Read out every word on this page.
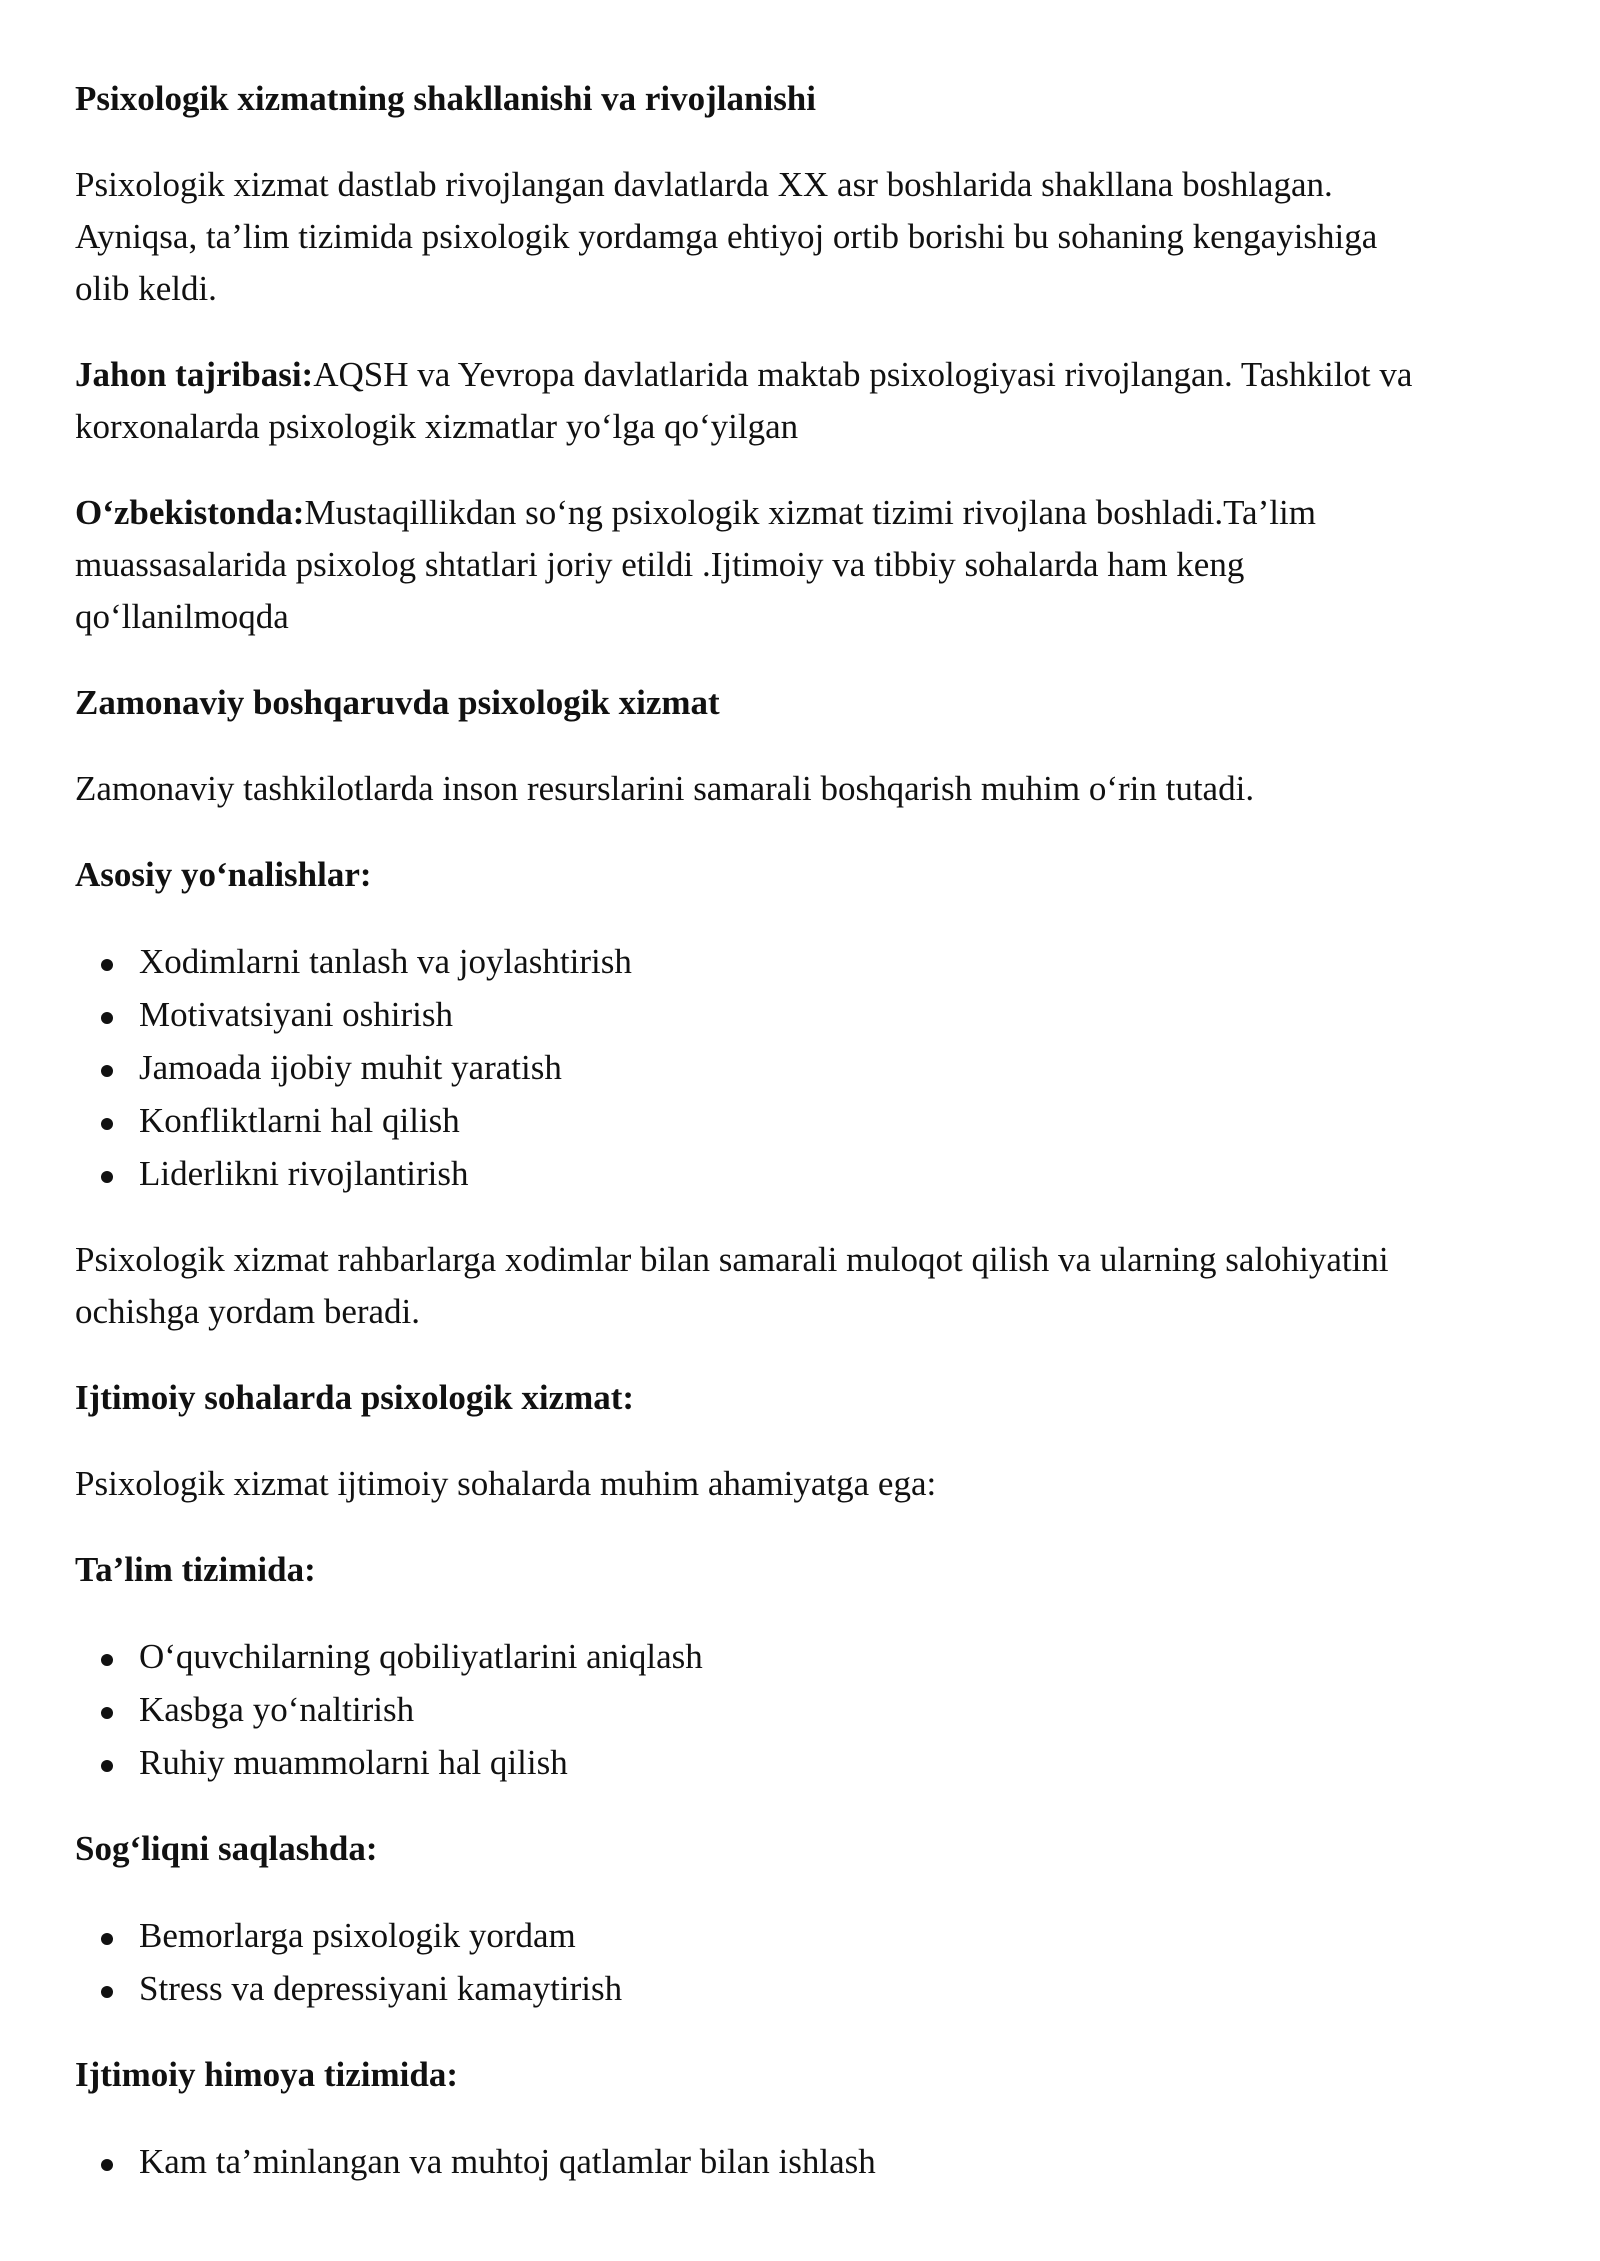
Psixologik xizmatning shakllanishi va rivojlanishi

Psixologik xizmat dastlab rivojlangan davlatlarda XX asr boshlarida shakllana boshlagan.

Ayniqsa, ta’lim tizimida psixologik yordamga ehtiyoj ortib borishi bu sohaning kengayishiga

olib keldi.

Jahon tajribasi:AQSH va Yevropa davlatlarida maktab psixologiyasi rivojlangan. Tashkilot va

korxonalarda psixologik xizmatlar yo‘lga qo‘yilgan

O‘zbekistonda:Mustaqillikdan so‘ng psixologik xizmat tizimi rivojlana boshladi.Ta’lim

muassasalarida psixolog shtatlari joriy etildi .Ijtimoiy va tibbiy sohalarda ham keng

qo‘llanilmoqda

Zamonaviy boshqaruvda psixologik xizmat

Zamonaviy tashkilotlarda inson resurslarini samarali boshqarish muhim o‘rin tutadi.

Asosiy yo‘nalishlar:

Xodimlarni tanlash va joylashtirish
Motivatsiyani oshirish
Jamoada ijobiy muhit yaratish
Konfliktlarni hal qilish
Liderlikni rivojlantirish

Psixologik xizmat rahbarlarga xodimlar bilan samarali muloqot qilish va ularning salohiyatini

ochishga yordam beradi.

Ijtimoiy sohalarda psixologik xizmat:

Psixologik xizmat ijtimoiy sohalarda muhim ahamiyatga ega:

Ta’lim tizimida:

O‘quvchilarning qobiliyatlarini aniqlash
Kasbga yo‘naltirish
Ruhiy muammolarni hal qilish

Sog‘liqni saqlashda:

Bemorlarga psixologik yordam
Stress va depressiyani kamaytirish

Ijtimoiy himoya tizimida:

Kam ta’minlangan va muhtoj qatlamlar bilan ishlash
